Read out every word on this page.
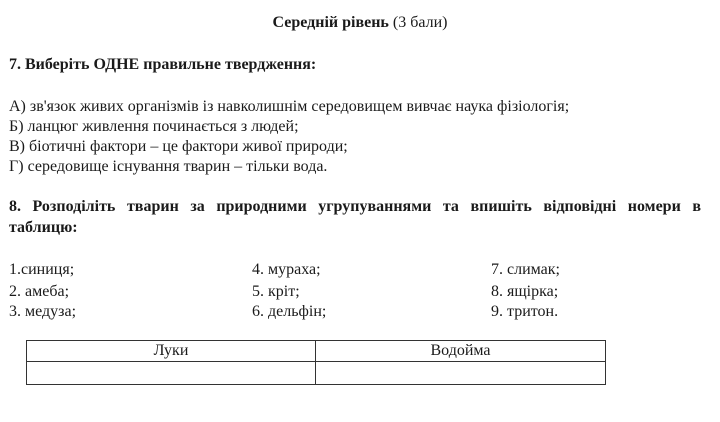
Середній рівень (3 бали)
7. Виберіть ОДНЕ правильне твердження:
А) зв'язок живих організмів із навколишнім середовищем вивчає наука фізіологія;
Б) ланцюг живлення починається з людей;
В) біотичні фактори – це фактори живої природи;
Г) середовище існування тварин – тільки вода.
8. Розподіліть тварин за природними угрупуваннями та впишіть відповідні номери в
таблицю:
1.синиця;	4. мураха;	7. слимак;
2. амеба;	5. кріт;	8. ящірка;
3. медуза;	6. дельфін;	9. тритон.
Луки	Водойма
